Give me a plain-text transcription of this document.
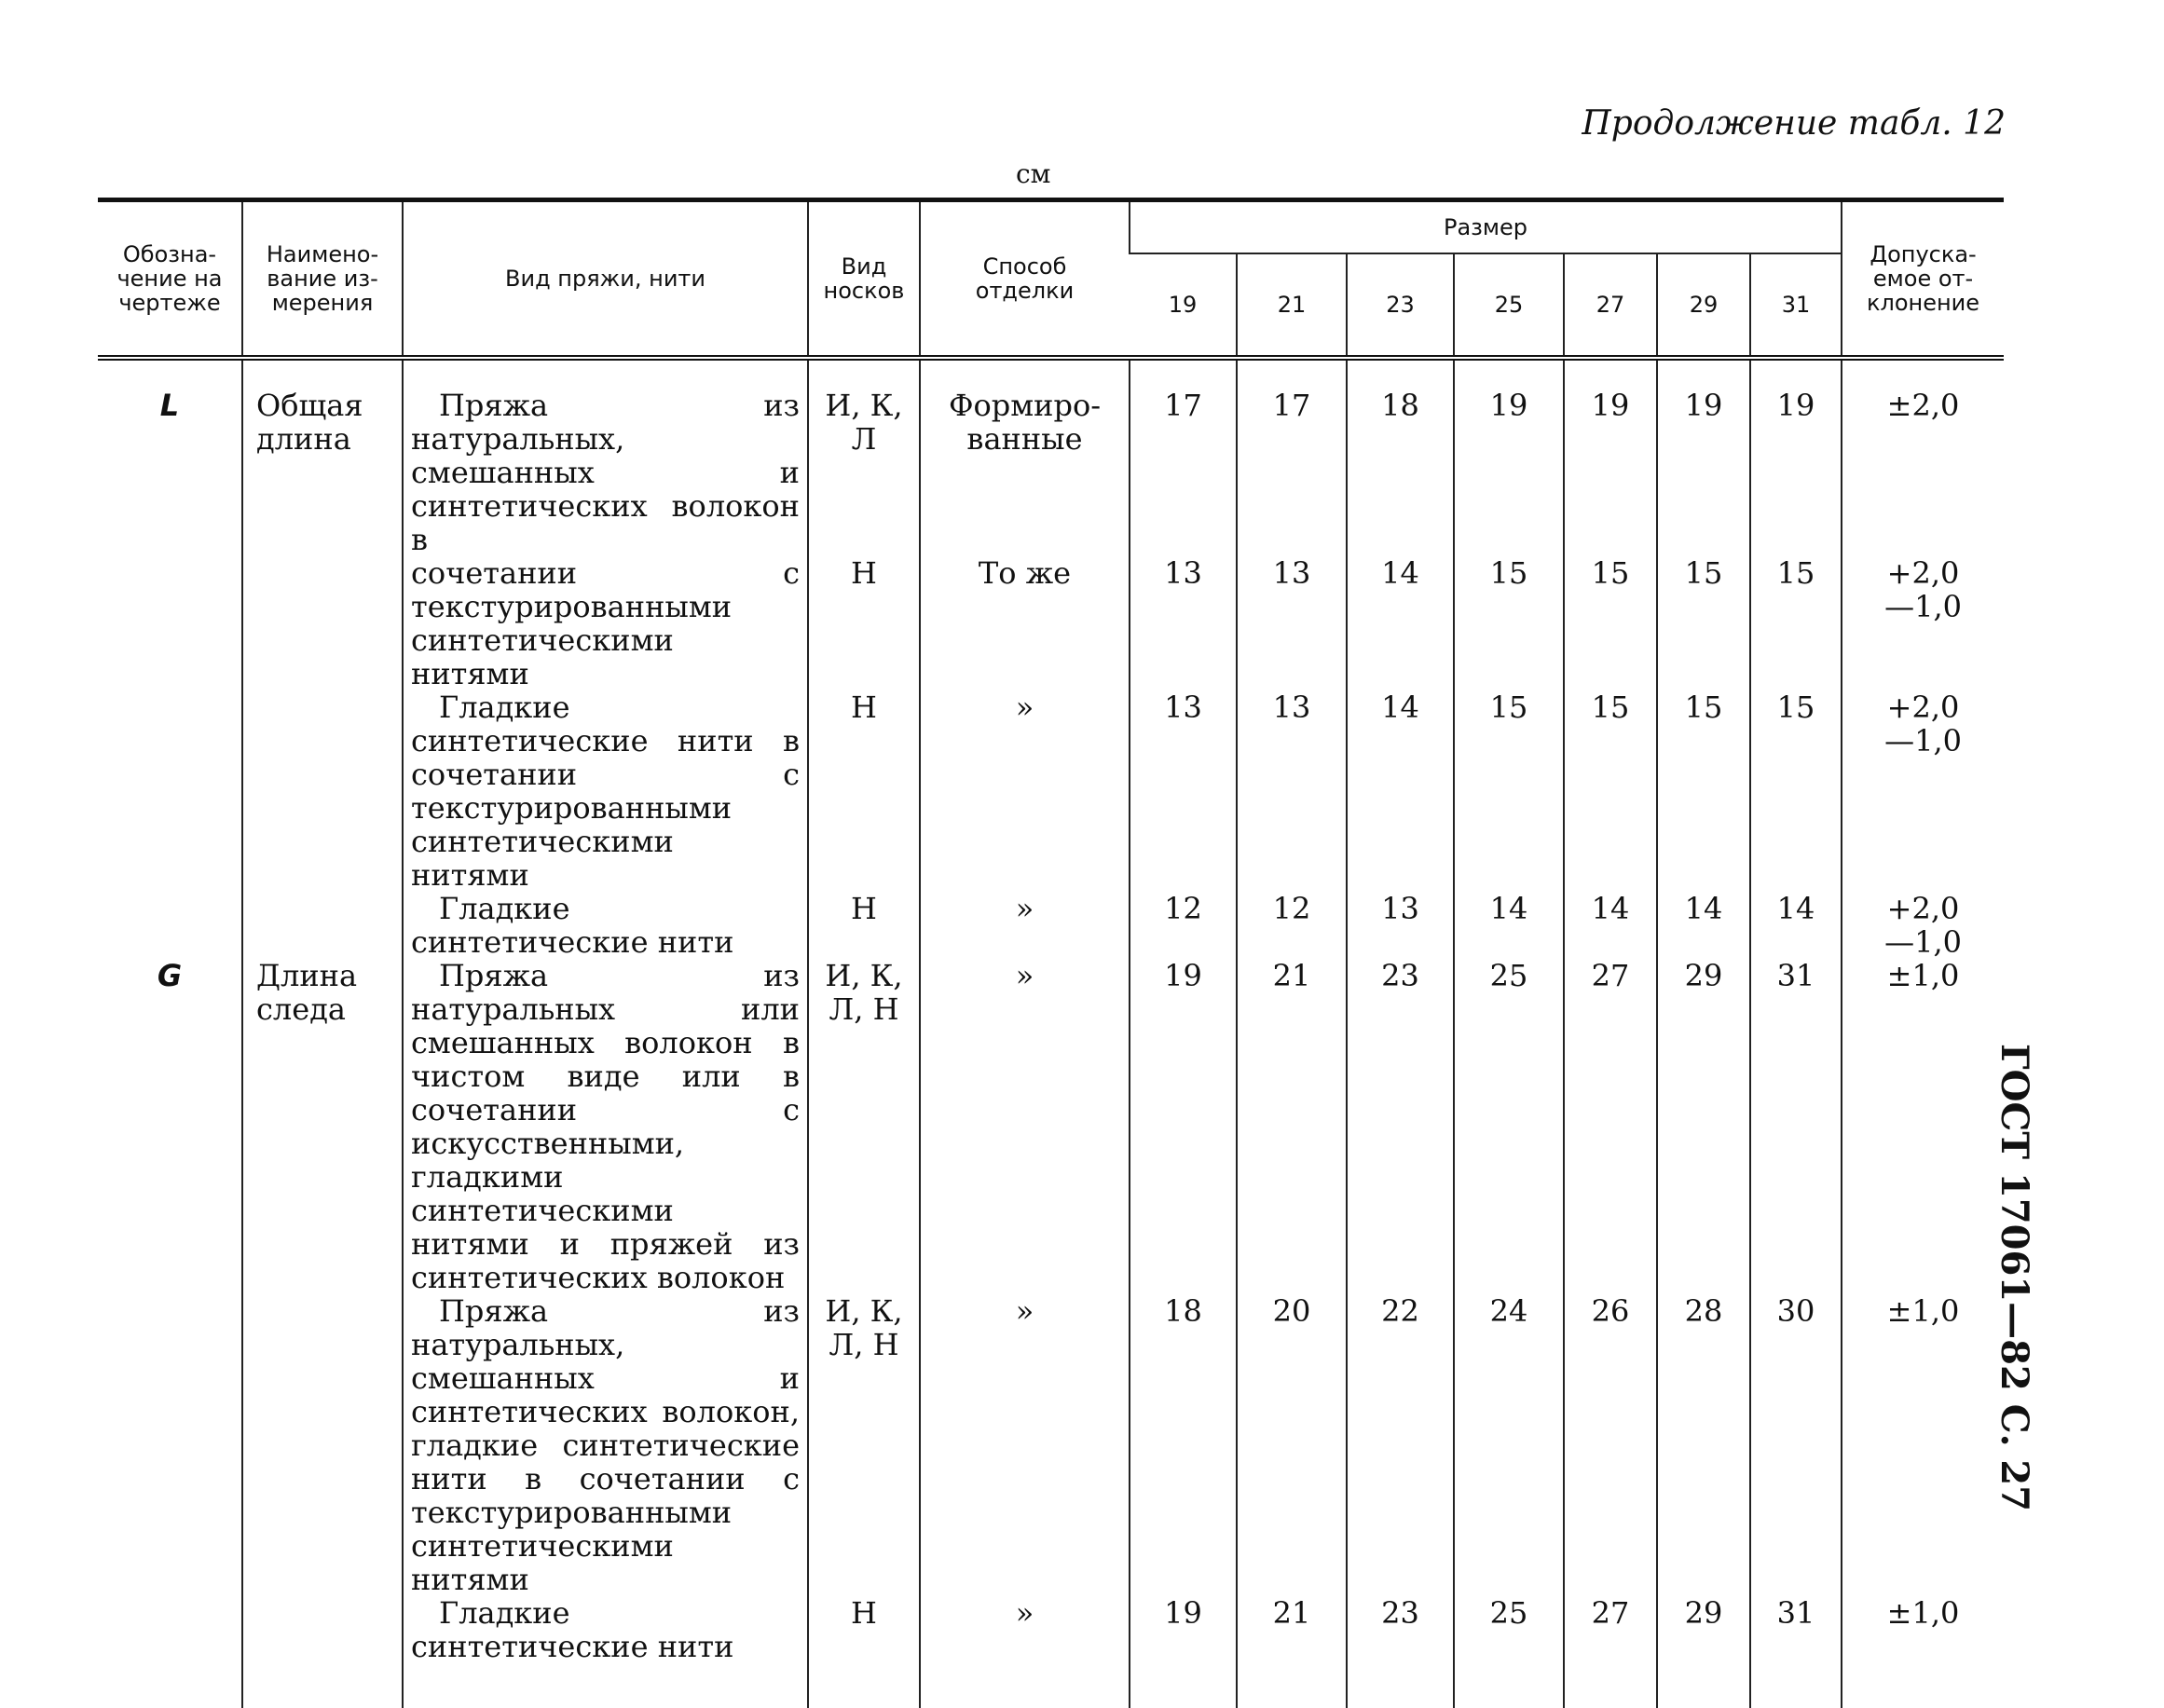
Продолжение табл. 12
см
ГОСТ 17061—82 С. 27
Обозна-
чение на
чертеже	Наимено-
вание из-
мерения	Вид пряжи, нити	Вид
носков	Способ
отделки	Размер							Допуска-
емое от-
клонение
					19	21	23	25	27	29	31	
L	Общая
длина	Пряжа из натуральных, смешанных и синтетических волокон в	И, К,
Л	Формиро-
ванные	17	17	18	19	19	19	19	±2,0

		сочетании с текстурированными синтетическими нитями	Н	То же	13	13	14	15	15	15	15	+2,0
—1,0

		Гладкие синтетические нити в сочетании с текстурированными синтетическими нитями	Н	»	13	13	14	15	15	15	15	+2,0
—1,0

		Гладкие синтетические нити	Н	»	12	12	13	14	14	14	14	+2,0
—1,0
G	Длина
следа	Пряжа из натуральных или смешанных волокон в чистом виде или в сочетании с искусственными, гладкими синтетическими нитями и пряжей из синтетических волокон	И, К,
Л, Н	»	19	21	23	25	27	29	31	±1,0

		Пряжа из натуральных, смешанных и синтетических волокон, гладкие синтетические нити в сочетании с текстурированными синтетическими нитями	И, К,
Л, Н	»	18	20	22	24	26	28	30	±1,0

		Гладкие синтетические нити	Н	»	19	21	23	25	27	29	31	±1,0
